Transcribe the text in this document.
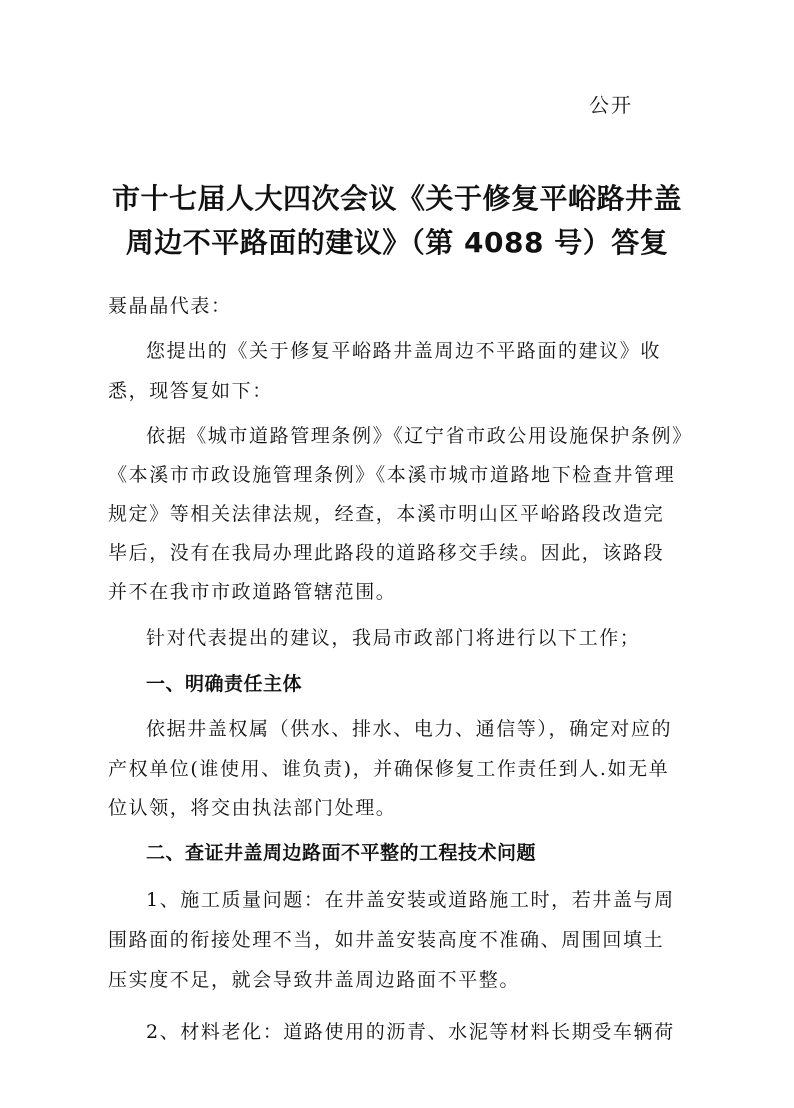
公开
市十七届人大四次会议《关于修复平峪路井盖
周边不平路面的建议》（第 4088 号）答复
聂晶晶代表：
您提出的《关于修复平峪路井盖周边不平路面的建议》收
悉，现答复如下：
依据《城市道路管理条例》《辽宁省市政公用设施保护条例》
《本溪市市政设施管理条例》《本溪市城市道路地下检查井管理
规定》等相关法律法规，经查，本溪市明山区平峪路段改造完
毕后，没有在我局办理此路段的道路移交手续。因此，该路段
并不在我市市政道路管辖范围。
针对代表提出的建议，我局市政部门将进行以下工作；
一、明确责任主体
依据井盖权属（供水、排水、电力、通信等），确定对应的
产权单位(谁使用、谁负责)，并确保修复工作责任到人.如无单
位认领，将交由执法部门处理。
二、查证井盖周边路面不平整的工程技术问题
1、施工质量问题：在井盖安装或道路施工时，若井盖与周
围路面的衔接处理不当，如井盖安装高度不准确、周围回填土
压实度不足，就会导致井盖周边路面不平整。
2、材料老化：道路使用的沥青、水泥等材料长期受车辆荷
